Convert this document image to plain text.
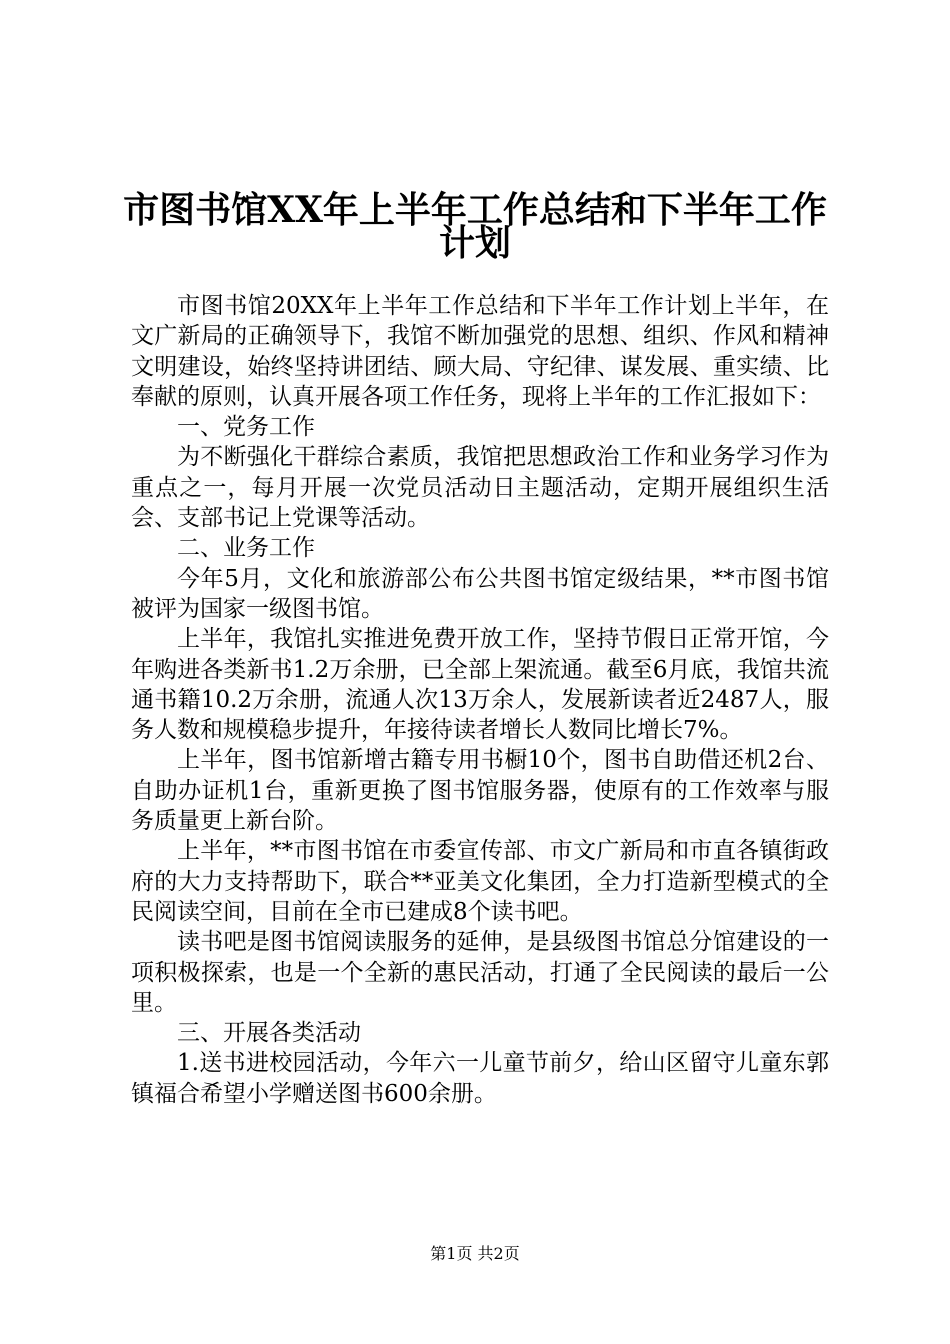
市图书馆XX年上半年工作总结和下半年工作
计划

市图书馆20XX年上半年工作总结和下半年工作计划上半年，在文广新局的正确领导下，我馆不断加强党的思想、组织、作风和精神文明建设，始终坚持讲团结、顾大局、守纪律、谋发展、重实绩、比奉献的原则，认真开展各项工作任务，现将上半年的工作汇报如下：

一、党务工作

为不断强化干群综合素质，我馆把思想政治工作和业务学习作为重点之一，每月开展一次党员活动日主题活动，定期开展组织生活会、支部书记上党课等活动。

二、业务工作

今年5月，文化和旅游部公布公共图书馆定级结果，**市图书馆被评为国家一级图书馆。

上半年，我馆扎实推进免费开放工作，坚持节假日正常开馆，今年购进各类新书1.2万余册，已全部上架流通。截至6月底，我馆共流通书籍10.2万余册，流通人次13万余人，发展新读者近2487人，服务人数和规模稳步提升，年接待读者增长人数同比增长7%。

上半年，图书馆新增古籍专用书橱10个，图书自助借还机2台、自助办证机1台，重新更换了图书馆服务器，使原有的工作效率与服务质量更上新台阶。

上半年，**市图书馆在市委宣传部、市文广新局和市直各镇街政府的大力支持帮助下，联合**亚美文化集团，全力打造新型模式的全民阅读空间，目前在全市已建成8个读书吧。

读书吧是图书馆阅读服务的延伸，是县级图书馆总分馆建设的一项积极探索，也是一个全新的惠民活动，打通了全民阅读的最后一公里。

三、开展各类活动

1.送书进校园活动，今年六一儿童节前夕，给山区留守儿童东郭镇福合希望小学赠送图书600余册。

第1页 共2页
